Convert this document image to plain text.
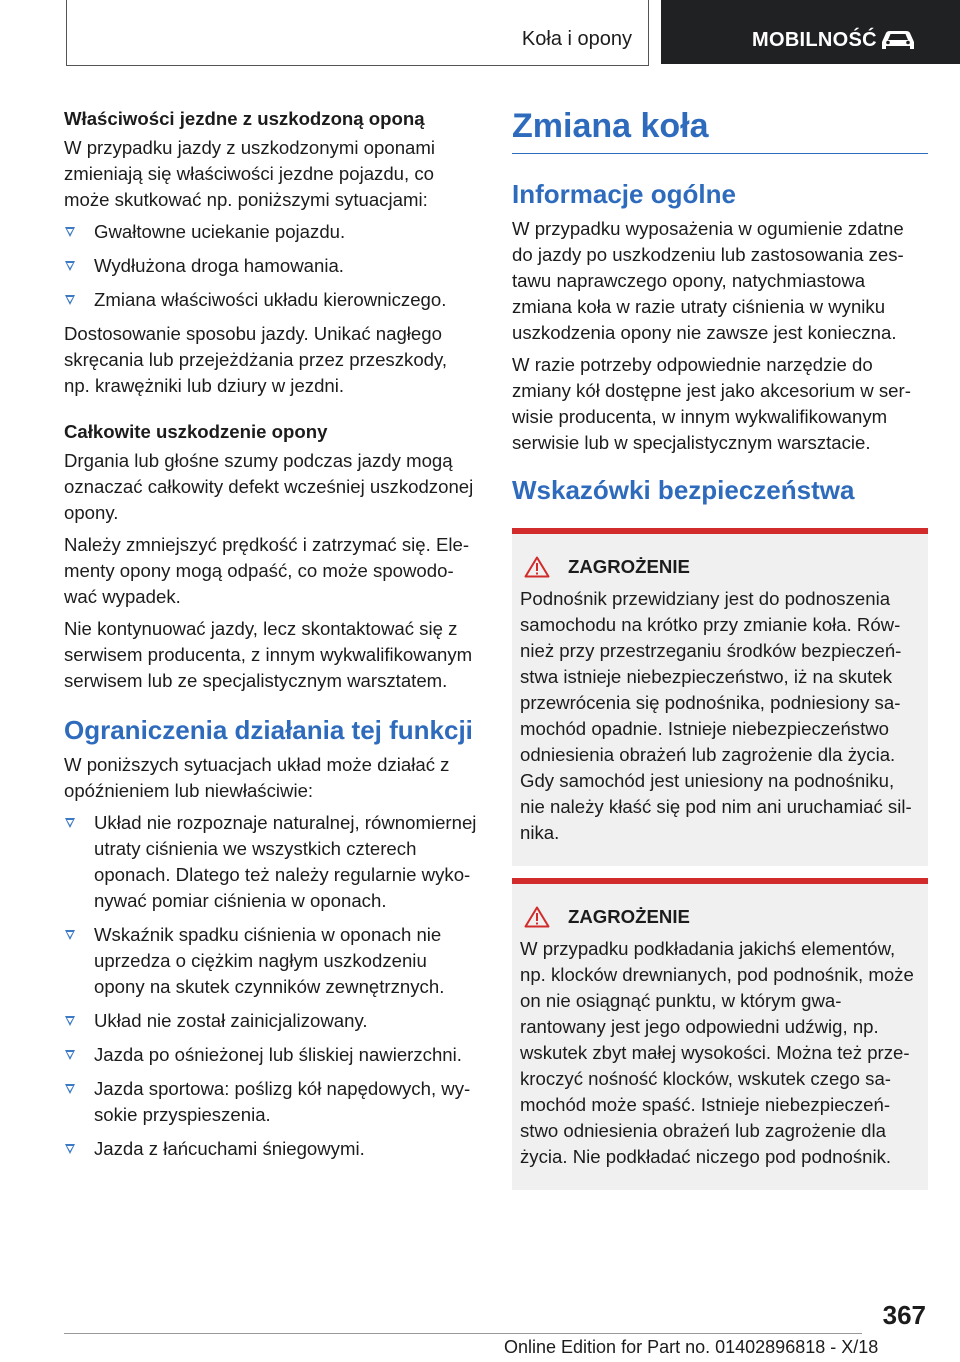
Koła i opony	MOBILNOŚĆ
Właściwości jezdne z uszkodzoną oponą

W przypadku jazdy z uszkodzonymi oponami zmieniają się właściwości jezdne pojazdu, co może skutkować np. poniższymi sytuacjami:

Gwałtowne uciekanie pojazdu.
Wydłużona droga hamowania.
Zmiana właściwości układu kierowniczego.

Dostosowanie sposobu jazdy. Unikać nagłego skręcania lub przejeżdżania przez przeszkody, np. krawężniki lub dziury w jezdni.

Całkowite uszkodzenie opony

Drgania lub głośne szumy podczas jazdy mogą oznaczać całkowity defekt wcześniej uszkodzonej opony.

Należy zmniejszyć prędkość i zatrzymać się. Elementy opony mogą odpaść, co może spowodować wypadek.

Nie kontynuować jazdy, lecz skontaktować się z serwisem producenta, z innym wykwalifikowanym serwisem lub ze specjalistycznym warsztatem.

Ograniczenia działania tej funkcji

W poniższych sytuacjach układ może działać z opóźnieniem lub niewłaściwie:

Układ nie rozpoznaje naturalnej, równomiernej utraty ciśnienia we wszystkich czterech oponach. Dlatego też należy regularnie wykonywać pomiar ciśnienia w oponach.
Wskaźnik spadku ciśnienia w oponach nie uprzedza o ciężkim nagłym uszkodzeniu opony na skutek czynników zewnętrznych.
Układ nie został zainicjalizowany.
Jazda po ośnieżonej lub śliskiej nawierzchni.
Jazda sportowa: poślizg kół napędowych, wysokie przyspieszenia.
Jazda z łańcuchami śniegowymi.
Zmiana koła
Informacje ogólne

W przypadku wyposażenia w ogumienie zdatne do jazdy po uszkodzeniu lub zastosowania zestawu naprawczego opony, natychmiastowa zmiana koła w razie utraty ciśnienia w wyniku uszkodzenia opony nie zawsze jest konieczna.

W razie potrzeby odpowiednie narzędzie do zmiany kół dostępne jest jako akcesorium w serwisie producenta, w innym wykwalifikowanym serwisie lub w specjalistycznym warsztacie.

Wskazówki bezpieczeństwa
ZAGROŻENIE

Podnośnik przewidziany jest do podnoszenia samochodu na krótko przy zmianie koła. Również przy przestrzeganiu środków bezpieczeństwa istnieje niebezpieczeństwo, iż na skutek przewrócenia się podnośnika, podniesiony samochód opadnie. Istnieje niebezpieczeństwo odniesienia obrażeń lub zagrożenie dla życia. Gdy samochód jest uniesiony na podnośniku, nie należy kłaść się pod nim ani uruchamiać silnika.

ZAGROŻENIE

W przypadku podkładania jakichś elementów, np. klocków drewnianych, pod podnośnik, może on nie osiągnąć punktu, w którym gwarantowany jest jego odpowiedni udźwig, np. wskutek zbyt małej wysokości. Można też przekroczyć nośność klocków, wskutek czego samochód może spaść. Istnieje niebezpieczeństwo odniesienia obrażeń lub zagrożenie dla życia. Nie podkładać niczego pod podnośnik.

367
Online Edition for Part no. 01402896818 - X/18
